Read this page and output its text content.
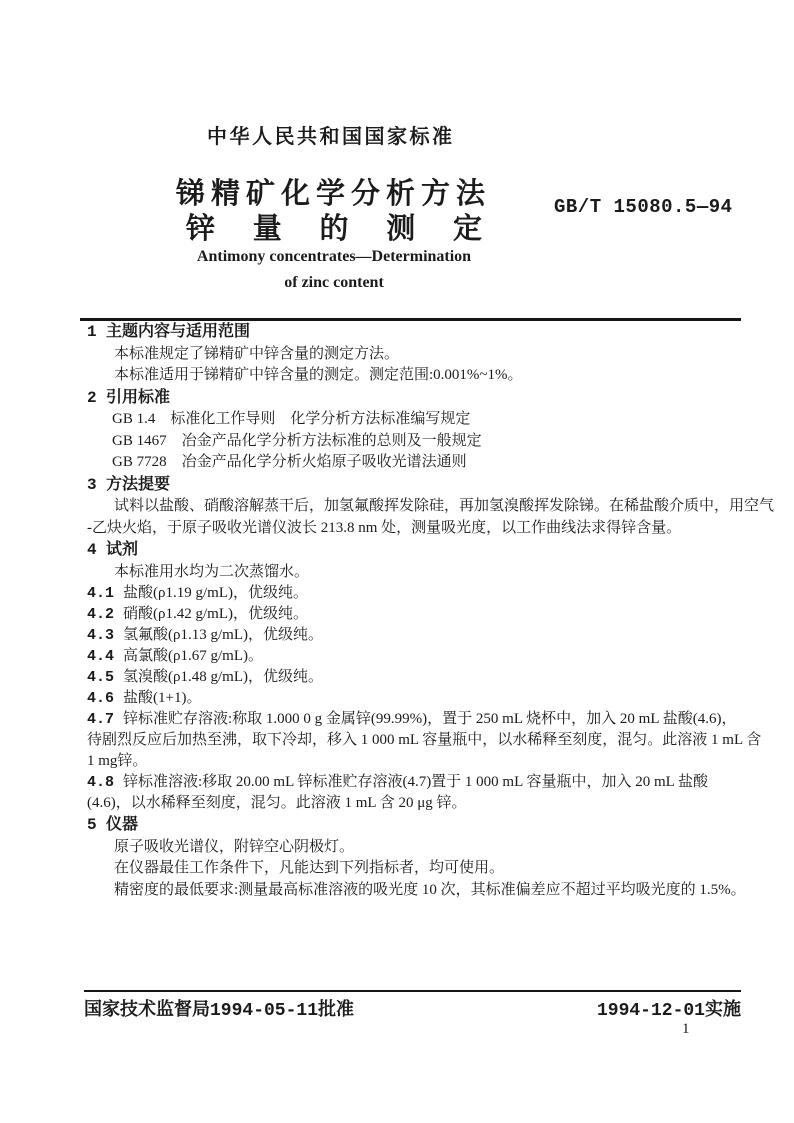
中华人民共和国国家标准
锑精矿化学分析方法
锌 量 的 测 定
GB/T 15080.5—94
Antimony concentrates—Determination
of zinc content
1 主题内容与适用范围
本标准规定了锑精矿中锌含量的测定方法。
本标准适用于锑精矿中锌含量的测定。测定范围:0.001%~1%。
2 引用标准
GB 1.4　标准化工作导则　化学分析方法标准编写规定
GB 1467　冶金产品化学分析方法标准的总则及一般规定
GB 7728　冶金产品化学分析火焰原子吸收光谱法通则
3 方法提要
试料以盐酸、硝酸溶解蒸干后，加氢氟酸挥发除硅，再加氢溴酸挥发除锑。在稀盐酸介质中，用空气
-乙炔火焰，于原子吸收光谱仪波长 213.8 nm 处，测量吸光度，以工作曲线法求得锌含量。
4 试剂
本标准用水均为二次蒸馏水。
4.1 盐酸(ρ1.19 g/mL)，优级纯。
4.2 硝酸(ρ1.42 g/mL)，优级纯。
4.3 氢氟酸(ρ1.13 g/mL)，优级纯。
4.4 高氯酸(ρ1.67 g/mL)。
4.5 氢溴酸(ρ1.48 g/mL)，优级纯。
4.6 盐酸(1+1)。
4.7 锌标准贮存溶液:称取 1.000 0 g 金属锌(99.99%)，置于 250 mL 烧杯中，加入 20 mL 盐酸(4.6)，
待剧烈反应后加热至沸，取下冷却，移入 1 000 mL 容量瓶中，以水稀释至刻度，混匀。此溶液 1 mL 含
1 mg锌。
4.8 锌标准溶液:移取 20.00 mL 锌标准贮存溶液(4.7)置于 1 000 mL 容量瓶中，加入 20 mL 盐酸
(4.6)，以水稀释至刻度，混匀。此溶液 1 mL 含 20 μg 锌。
5 仪器
原子吸收光谱仪，附锌空心阴极灯。
在仪器最佳工作条件下，凡能达到下列指标者，均可使用。
精密度的最低要求:测量最高标准溶液的吸光度 10 次，其标准偏差应不超过平均吸光度的 1.5%。
国家技术监督局1994-05-11批准	1994-12-01实施
1
